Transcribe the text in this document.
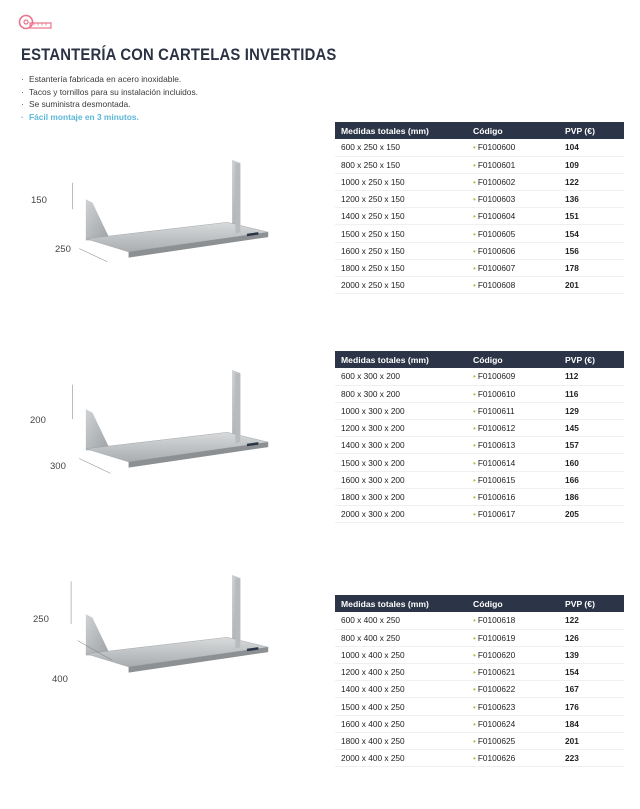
ESTANTERÍA CON CARTELAS INVERTIDAS
· Estantería fabricada en acero inoxidable.
· Tacos y tornillos para su instalación incluidos.
· Se suministra desmontada.
· Fácil montaje en 3 minutos.
150
250
Medidas totales (mm)	Código	PVP (€)
600 x 250 x 150	• F0100600	104
800 x 250 x 150	• F0100601	109
1000 x 250 x 150	• F0100602	122
1200 x 250 x 150	• F0100603	136
1400 x 250 x 150	• F0100604	151
1500 x 250 x 150	• F0100605	154
1600 x 250 x 150	• F0100606	156
1800 x 250 x 150	• F0100607	178
2000 x 250 x 150	• F0100608	201
200
300
Medidas totales (mm)	Código	PVP (€)
600 x 300 x 200	• F0100609	112
800 x 300 x 200	• F0100610	116
1000 x 300 x 200	• F0100611	129
1200 x 300 x 200	• F0100612	145
1400 x 300 x 200	• F0100613	157
1500 x 300 x 200	• F0100614	160
1600 x 300 x 200	• F0100615	166
1800 x 300 x 200	• F0100616	186
2000 x 300 x 200	• F0100617	205
250
400
Medidas totales (mm)	Código	PVP (€)
600 x 400 x 250	• F0100618	122
800 x 400 x 250	• F0100619	126
1000 x 400 x 250	• F0100620	139
1200 x 400 x 250	• F0100621	154
1400 x 400 x 250	• F0100622	167
1500 x 400 x 250	• F0100623	176
1600 x 400 x 250	• F0100624	184
1800 x 400 x 250	• F0100625	201
2000 x 400 x 250	• F0100626	223
